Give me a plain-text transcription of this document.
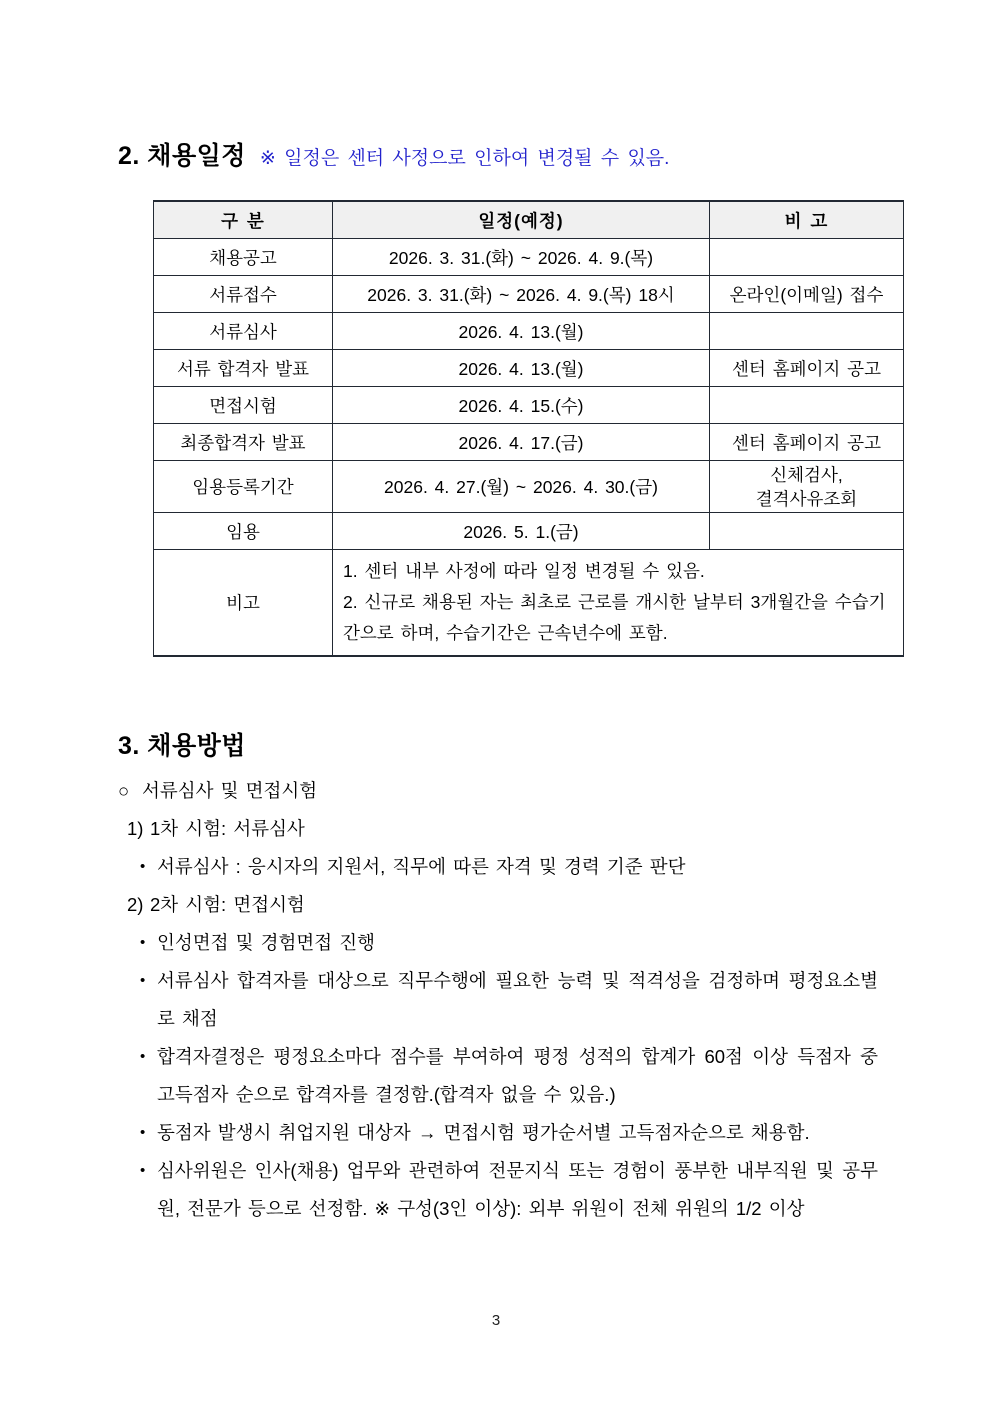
2. 채용일정 ※ 일정은 센터 사정으로 인하여 변경될 수 있음.
구 분	일정(예정)	비 고
채용공고	2026. 3. 31.(화) ~ 2026. 4. 9.(목)	
서류접수	2026. 3. 31.(화) ~ 2026. 4. 9.(목) 18시	온라인(이메일) 접수
서류심사	2026. 4. 13.(월)	
서류 합격자 발표	2026. 4. 13.(월)	센터 홈페이지 공고
면접시험	2026. 4. 15.(수)	
최종합격자 발표	2026. 4. 17.(금)	센터 홈페이지 공고
임용등록기간	2026. 4. 27.(월) ~ 2026. 4. 30.(금)	신체검사,
결격사유조회

임용	2026. 5. 1.(금)	
비고	1. 센터 내부 사정에 따라 일정 변경될 수 있음.
2. 신규로 채용된 자는 최초로 근로를 개시한 날부터 3개월간을 수습기간으로 하며, 수습기간은 근속년수에 포함.	
3. 채용방법
○ 서류심사 및 면접시험
1) 1차 시험: 서류심사
• 서류심사 : 응시자의 지원서, 직무에 따른 자격 및 경력 기준 판단
2) 2차 시험: 면접시험
• 인성면접 및 경험면접 진행
• 서류심사 합격자를 대상으로 직무수행에 필요한 능력 및 적격성을 검정하며 평정요소별로 채점
• 합격자결정은 평정요소마다 점수를 부여하여 평정 성적의 합계가 60점 이상 득점자 중 고득점자 순으로 합격자를 결정함.(합격자 없을 수 있음.)
• 동점자 발생시 취업지원 대상자 → 면접시험 평가순서별 고득점자순으로 채용함.
• 심사위원은 인사(채용) 업무와 관련하여 전문지식 또는 경험이 풍부한 내부직원 및 공무원, 전문가 등으로 선정함. ※ 구성(3인 이상): 외부 위원이 전체 위원의 1/2 이상
3
